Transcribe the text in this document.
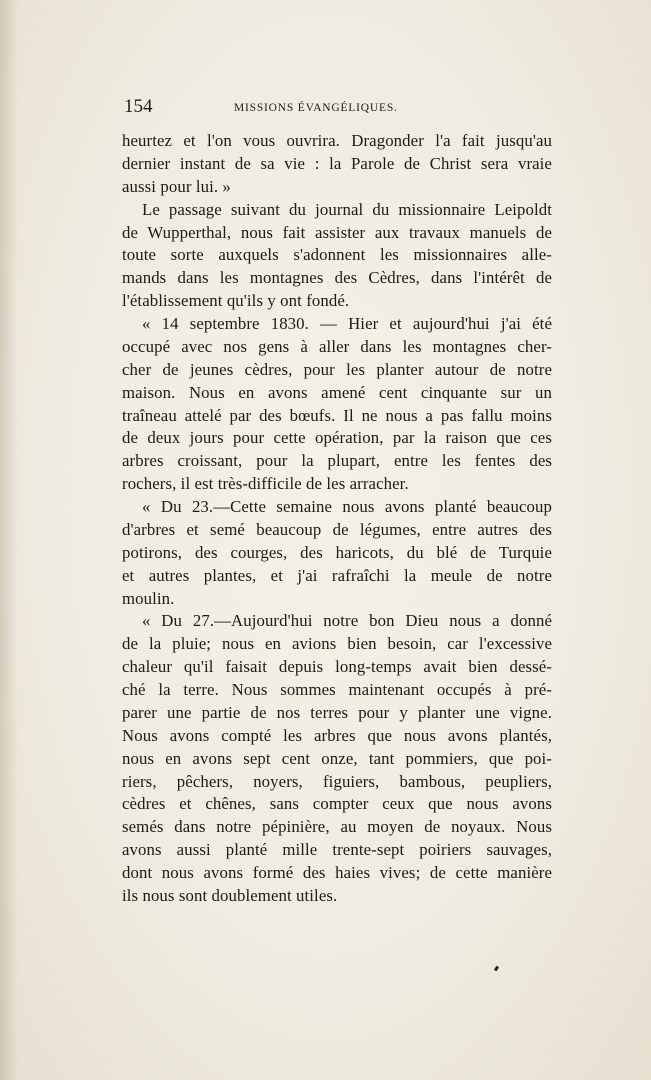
154	MISSIONS ÉVANGÉLIQUES.
heurtez et l'on vous ouvrira. Dragonder l'a fait jusqu'au
dernier instant de sa vie : la Parole de Christ sera vraie
aussi pour lui. »
Le passage suivant du journal du missionnaire Leipoldt
de Wupperthal, nous fait assister aux travaux manuels de
toute sorte auxquels s'adonnent les missionnaires alle-
mands dans les montagnes des Cèdres, dans l'intérêt de
l'établissement qu'ils y ont fondé.
« 14 septembre 1830. — Hier et aujourd'hui j'ai été
occupé avec nos gens à aller dans les montagnes cher-
cher de jeunes cèdres, pour les planter autour de notre
maison. Nous en avons amené cent cinquante sur un
traîneau attelé par des bœufs. Il ne nous a pas fallu moins
de deux jours pour cette opération, par la raison que ces
arbres croissant, pour la plupart, entre les fentes des
rochers, il est très-difficile de les arracher.
« Du 23.—Cette semaine nous avons planté beaucoup
d'arbres et semé beaucoup de légumes, entre autres des
potirons, des courges, des haricots, du blé de Turquie
et autres plantes, et j'ai rafraîchi la meule de notre
moulin.
« Du 27.—Aujourd'hui notre bon Dieu nous a donné
de la pluie; nous en avions bien besoin, car l'excessive
chaleur qu'il faisait depuis long-temps avait bien dessé-
ché la terre. Nous sommes maintenant occupés à pré-
parer une partie de nos terres pour y planter une vigne.
Nous avons compté les arbres que nous avons plantés,
nous en avons sept cent onze, tant pommiers, que poi-
riers, pêchers, noyers, figuiers, bambous, peupliers,
cèdres et chênes, sans compter ceux que nous avons
semés dans notre pépinière, au moyen de noyaux. Nous
avons aussi planté mille trente-sept poiriers sauvages,
dont nous avons formé des haies vives; de cette manière
ils nous sont doublement utiles.
